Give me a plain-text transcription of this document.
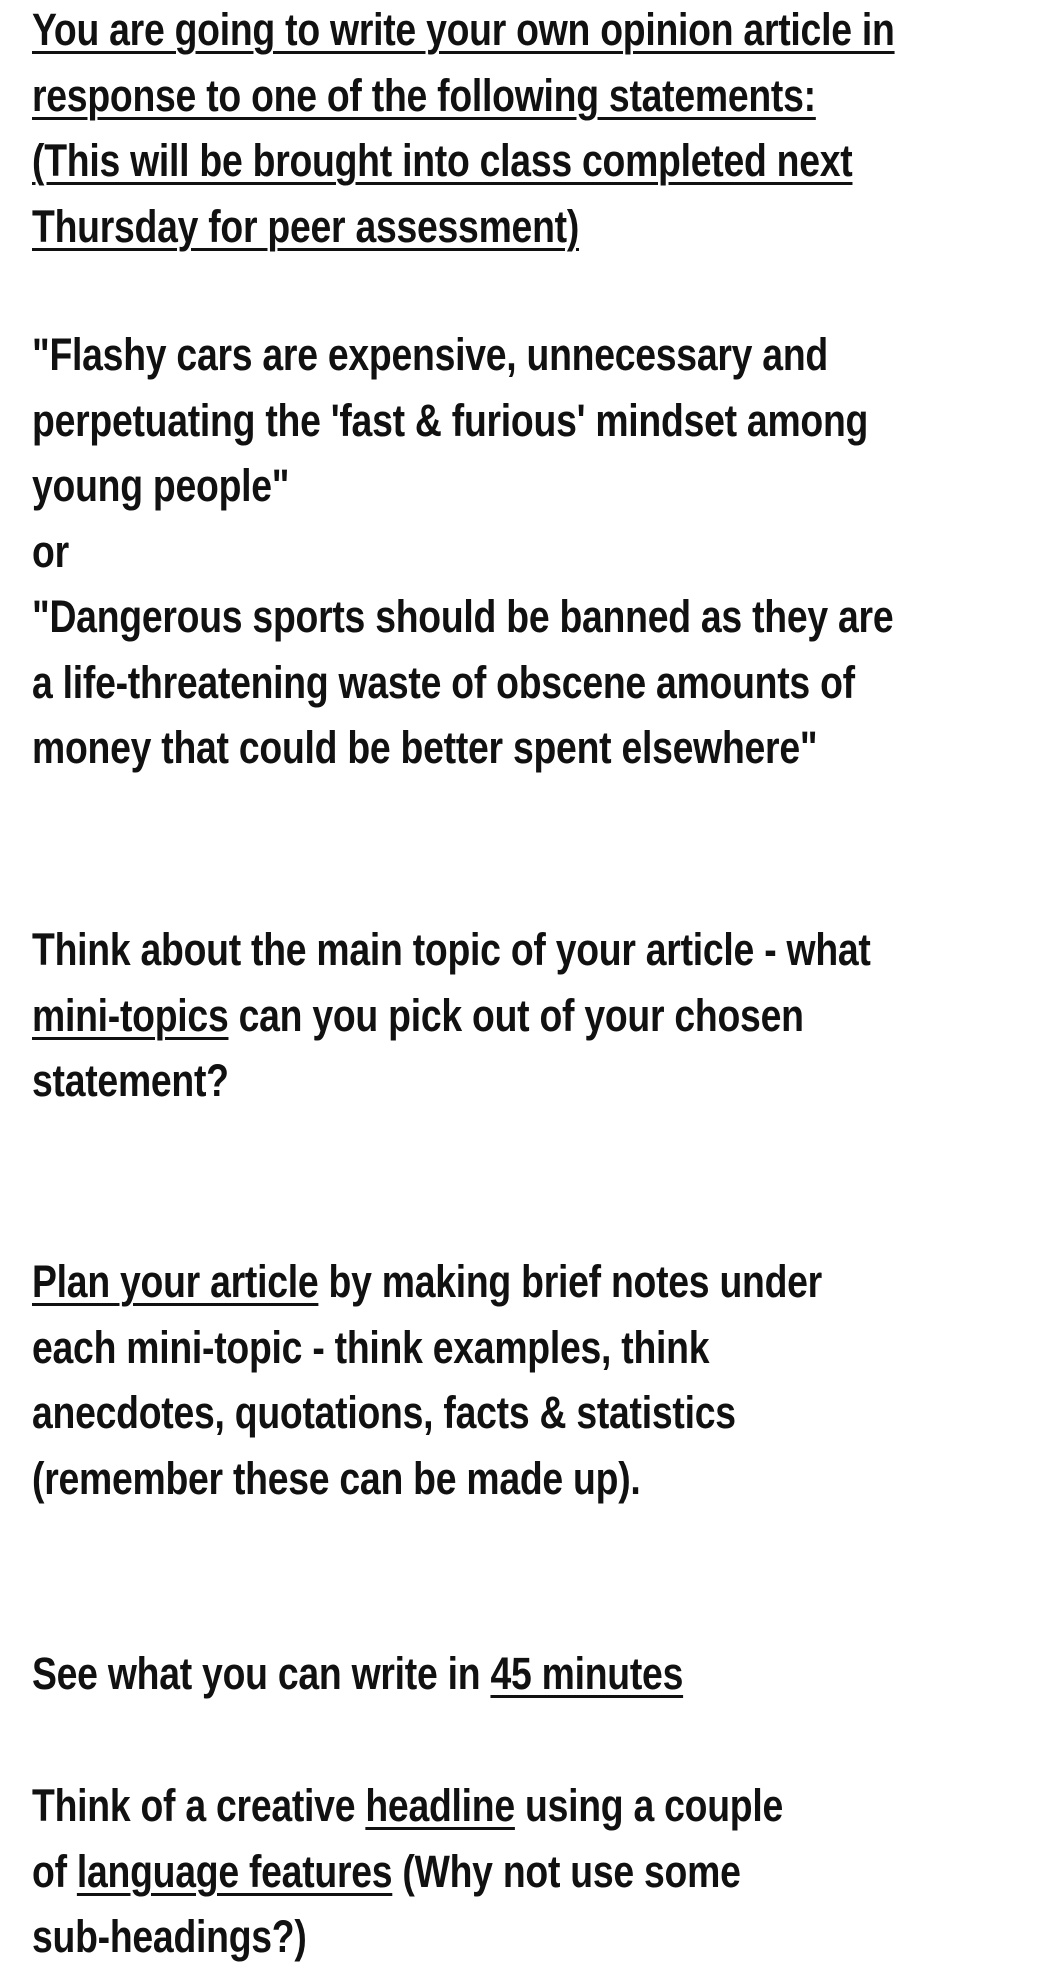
You are going to write your own opinion article in
response to one of the following statements:
(This will be brought into class completed next
Thursday for peer assessment)
"Flashy cars are expensive, unnecessary and
perpetuating the 'fast & furious' mindset among
young people"
or
"Dangerous sports should be banned as they are
a life-threatening waste of obscene amounts of
money that could be better spent elsewhere"
Think about the main topic of your article - what
mini-topics can you pick out of your chosen
statement?
Plan your article by making brief notes under
each mini-topic - think examples, think
anecdotes, quotations, facts & statistics
(remember these can be made up).
See what you can write in 45 minutes
Think of a creative headline using a couple
of language features (Why not use some
sub-headings?)
